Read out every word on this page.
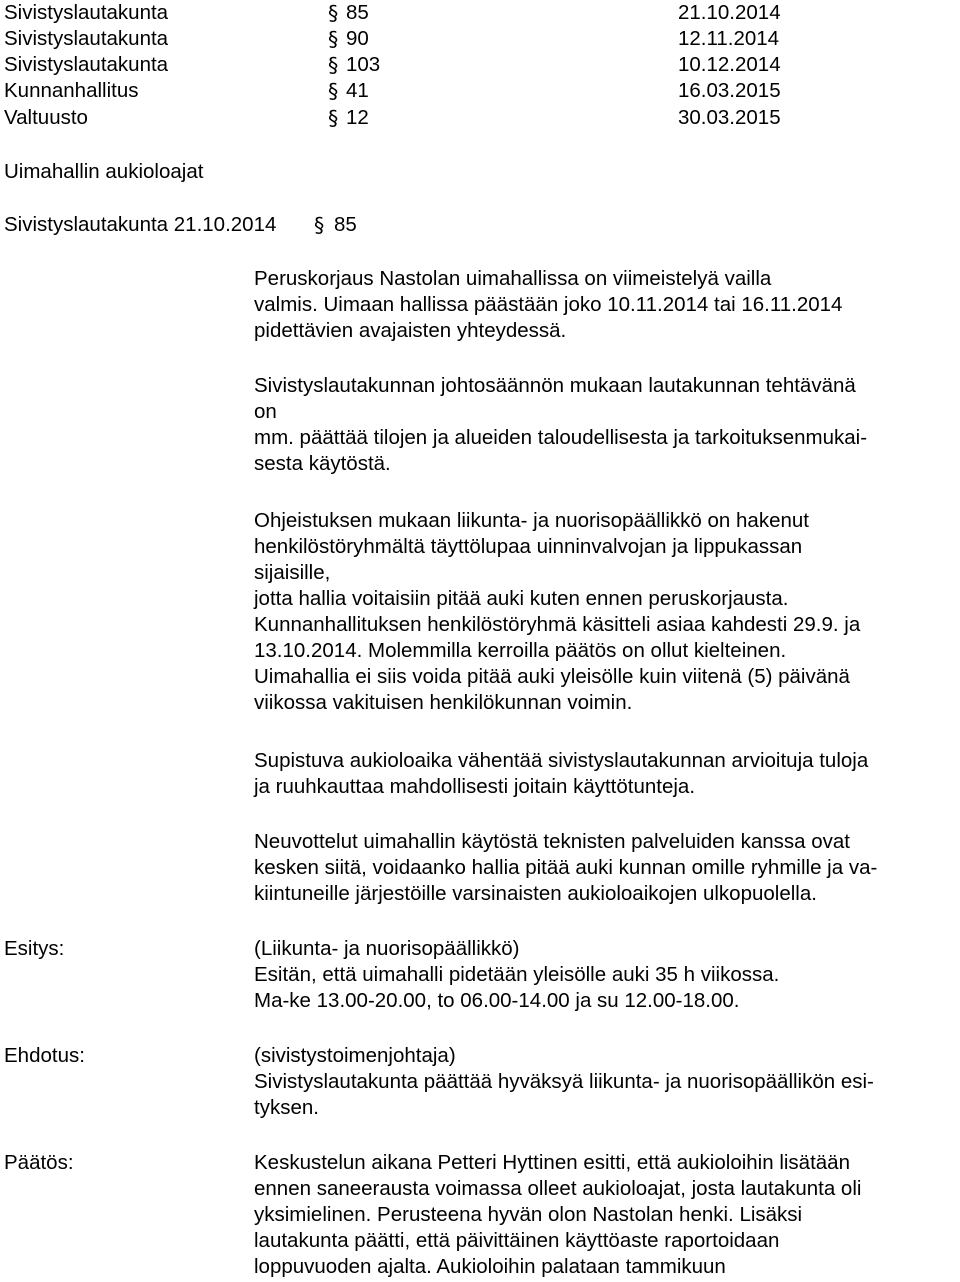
Sivistyslautakunta	§ 85	21.10.2014
Sivistyslautakunta	§ 90	12.11.2014
Sivistyslautakunta	§ 103	10.12.2014
Kunnanhallitus	§ 41	16.03.2015
Valtuusto	§ 12	30.03.2015
Uimahallin aukioloajat
Sivistyslautakunta 21.10.2014 § 85
Peruskorjaus Nastolan uimahallissa on viimeistelyä vailla
valmis. Uimaan hallissa päästään joko 10.11.2014 tai 16.11.2014
pidettävien avajaisten yhteydessä.
Sivistyslautakunnan johtosäännön mukaan lautakunnan tehtävänä
on
mm. päättää tilojen ja alueiden taloudellisesta ja tarkoituksenmukai-
sesta käytöstä.
Ohjeistuksen mukaan liikunta- ja nuorisopäällikkö on hakenut
henkilöstöryhmältä täyttölupaa uinninvalvojan ja lippukassan
sijaisille,
jotta hallia voitaisiin pitää auki kuten ennen peruskorjausta.
Kunnanhallituksen henkilöstöryhmä käsitteli asiaa kahdesti 29.9. ja
13.10.2014. Molemmilla kerroilla päätös on ollut kielteinen.
Uimahallia ei siis voida pitää auki yleisölle kuin viitenä (5) päivänä
viikossa vakituisen henkilökunnan voimin.
Supistuva aukioloaika vähentää sivistyslautakunnan arvioituja tuloja
ja ruuhkauttaa mahdollisesti joitain käyttötunteja.
Neuvottelut uimahallin käytöstä teknisten palveluiden kanssa ovat
kesken siitä, voidaanko hallia pitää auki kunnan omille ryhmille ja va-
kiintuneille järjestöille varsinaisten aukioloaikojen ulkopuolella.
Esitys:	(Liikunta- ja nuorisopäällikkö)
Esitän, että uimahalli pidetään yleisölle auki 35 h viikossa.
Ma-ke 13.00-20.00, to 06.00-14.00 ja su 12.00-18.00.
Ehdotus:	(sivistystoimenjohtaja)
Sivistyslautakunta päättää hyväksyä liikunta- ja nuorisopäällikön esi-
tyksen.
Päätös:	Keskustelun aikana Petteri Hyttinen esitti, että aukioloihin lisätään
ennen saneerausta voimassa olleet aukioloajat, josta lautakunta oli
yksimielinen. Perusteena hyvän olon Nastolan henki. Lisäksi
lautakunta päätti, että päivittäinen käyttöaste raportoidaan
loppuvuoden ajalta. Aukioloihin palataan tammikuun
